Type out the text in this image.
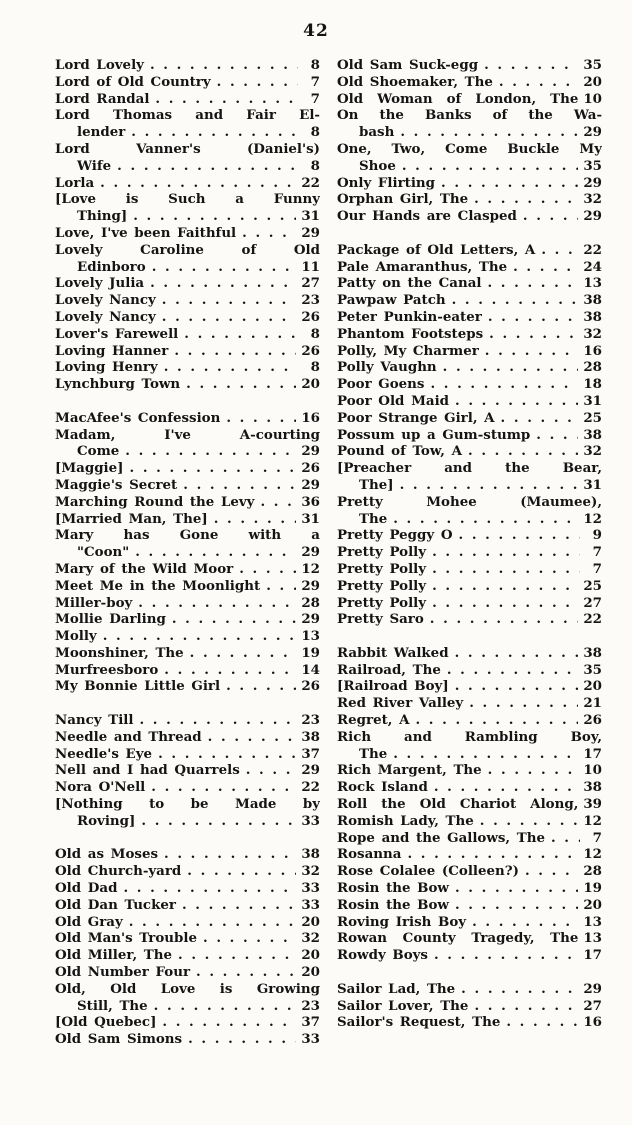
42
Lord Lovely . . .	8
Lord of Old Country . . .	7
Lord Randal . . .	7
Lord Thomas and Fair El-
lender . . .	8
Lord Vanner's (Daniel's)
Wife . . .	8
Lorla . . .	22
[Love is Such a Funny
Thing] . . .	31
Love, I've been Faithful . . .	29
Lovely Caroline of Old
Edinboro . . .	11
Lovely Julia . . .	27
Lovely Nancy . . .	23
Lovely Nancy . . .	26
Lover's Farewell . . .	8
Loving Hanner . . .	26
Loving Henry . . .	8
Lynchburg Town . . .	20
MacAfee's Confession . . .	16
Madam, I've A-courting
Come . . .	29
[Maggie] . . .	26
Maggie's Secret . . .	29
Marching Round the Levy . . .	36
[Married Man, The] . . .	31
Mary has Gone with a
"Coon" . . .	29
Mary of the Wild Moor . . .	12
Meet Me in the Moonlight . . .	29
Miller-boy . . .	28
Mollie Darling . . .	29
Molly . . .	13
Moonshiner, The . . .	19
Murfreesboro . . .	14
My Bonnie Little Girl . . .	26
Nancy Till . . .	23
Needle and Thread . . .	38
Needle's Eye . . .	37
Nell and I had Quarrels . . .	29
Nora O'Nell . . .	22
[Nothing to be Made by
Roving] . . .	33
Old as Moses . . .	38
Old Church-yard . . .	32
Old Dad . . .	33
Old Dan Tucker . . .	33
Old Gray . . .	20
Old Man's Trouble . . .	32
Old Miller, The . . .	20
Old Number Four . . .	20
Old, Old Love is Growing
Still, The . . .	23
[Old Quebec] . . .	37
Old Sam Simons . . .	33
Old Sam Suck-egg . . .	35
Old Shoemaker, The . . .	20
Old Woman of London, The 10
On the Banks of the Wa-
bash . . .	29
One, Two, Come Buckle My
Shoe . . .	35
Only Flirting . . .	29
Orphan Girl, The . . .	32
Our Hands are Clasped . . .	29
Package of Old Letters, A . . .	22
Pale Amaranthus, The . . .	24
Patty on the Canal . . .	13
Pawpaw Patch . . .	38
Peter Punkin-eater . . .	38
Phantom Footsteps . . .	32
Polly, My Charmer . . .	16
Polly Vaughn . . .	28
Poor Goens . . .	18
Poor Old Maid . . .	31
Poor Strange Girl, A . . .	25
Possum up a Gum-stump . . .	38
Pound of Tow, A . . .	32
[Preacher and the Bear,
The] . . .	31
Pretty Mohee (Maumee),
The . . .	12
Pretty Peggy O . . .	9
Pretty Polly . . .	7
Pretty Polly . . .	7
Pretty Polly . . .	25
Pretty Polly . . .	27
Pretty Saro . . .	22
Rabbit Walked . . .	38
Railroad, The . . .	35
[Railroad Boy] . . .	20
Red River Valley . . .	21
Regret, A . . .	26
Rich and Rambling Boy,
The . . .	17
Rich Margent, The . . .	10
Rock Island . . .	38
Roll the Old Chariot Along, 39
Romish Lady, The . . .	12
Rope and the Gallows, The . . .	7
Rosanna . . .	12
Rose Colalee (Colleen?) . . .	28
Rosin the Bow . . .	19
Rosin the Bow . . .	20
Roving Irish Boy . . .	13
Rowan County Tragedy, The 13
Rowdy Boys . . .	17
Sailor Lad, The . . .	29
Sailor Lover, The . . .	27
Sailor's Request, The . . .	16
